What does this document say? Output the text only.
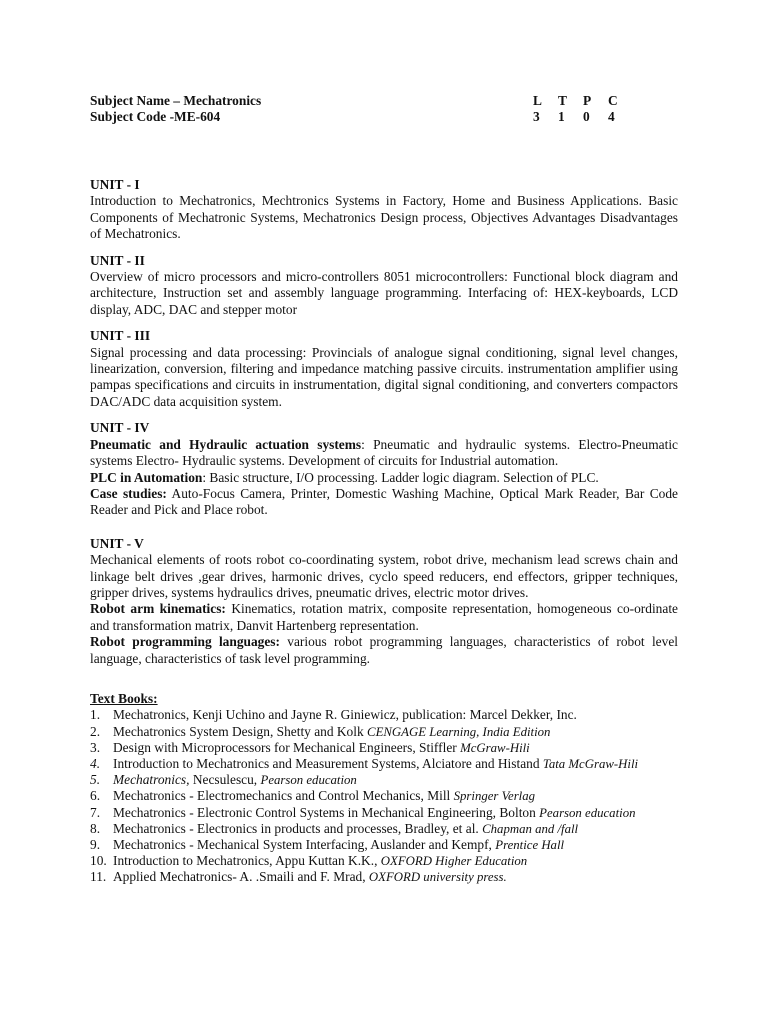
Subject Name – Mechatronics
Subject Code -ME-604
L	T	P	C
3	1	0	4
UNIT - I

Introduction to Mechatronics, Mechtronics Systems in Factory, Home and Business Applications. Basic Components of Mechatronic Systems, Mechatronics Design process, Objectives Advantages Disadvantages of Mechatronics.

UNIT - II

Overview of micro processors and micro-controllers 8051 microcontrollers: Functional block diagram and architecture, Instruction set and assembly language programming. Interfacing of: HEX-keyboards, LCD display, ADC, DAC and stepper motor

UNIT - III

Signal processing and data processing: Provincials of analogue signal conditioning, signal level changes, linearization, conversion, filtering and impedance matching passive circuits. instrumentation amplifier using pampas specifications and circuits in instrumentation, digital signal conditioning, and converters compactors DAC/ADC data acquisition system.

UNIT - IV

Pneumatic and Hydraulic actuation systems: Pneumatic and hydraulic systems. Electro-Pneumatic systems Electro- Hydraulic systems. Development of circuits for Industrial automation.

PLC in Automation: Basic structure, I/O processing. Ladder logic diagram. Selection of PLC.

Case studies: Auto-Focus Camera, Printer, Domestic Washing Machine, Optical Mark Reader, Bar Code Reader and Pick and Place robot.

UNIT - V

Mechanical elements of roots robot co-coordinating system, robot drive, mechanism lead screws chain and linkage belt drives ,gear drives, harmonic drives, cyclo speed reducers, end effectors, gripper techniques, gripper drives, systems hydraulics drives, pneumatic drives, electric motor drives.

Robot arm kinematics: Kinematics, rotation matrix, composite representation, homogeneous co-ordinate and transformation matrix, Danvit Hartenberg representation.

Robot programming languages: various robot programming languages, characteristics of robot level language, characteristics of task level programming.

Text Books:
1. Mechatronics, Kenji Uchino and Jayne R. Giniewicz, publication: Marcel Dekker, Inc.
2. Mechatronics System Design, Shetty and Kolk CENGAGE Learning, India Edition
3. Design with Microprocessors for Mechanical Engineers, Stiffler McGraw-Hili
4. Introduction to Mechatronics and Measurement Systems, Alciatore and Histand Tata McGraw-Hili
5. Mechatronics, Necsulescu, Pearson education
6. Mechatronics - Electromechanics and Control Mechanics, Mill Springer Verlag
7. Mechatronics - Electronic Control Systems in Mechanical Engineering, Bolton Pearson education
8. Mechatronics - Electronics in products and processes, Bradley, et al. Chapman and /fall
9. Mechatronics - Mechanical System Interfacing, Auslander and Kempf, Prentice Hall
10. Introduction to Mechatronics, Appu Kuttan K.K., OXFORD Higher Education
11. Applied Mechatronics- A. .Smaili and F. Mrad, OXFORD university press.
